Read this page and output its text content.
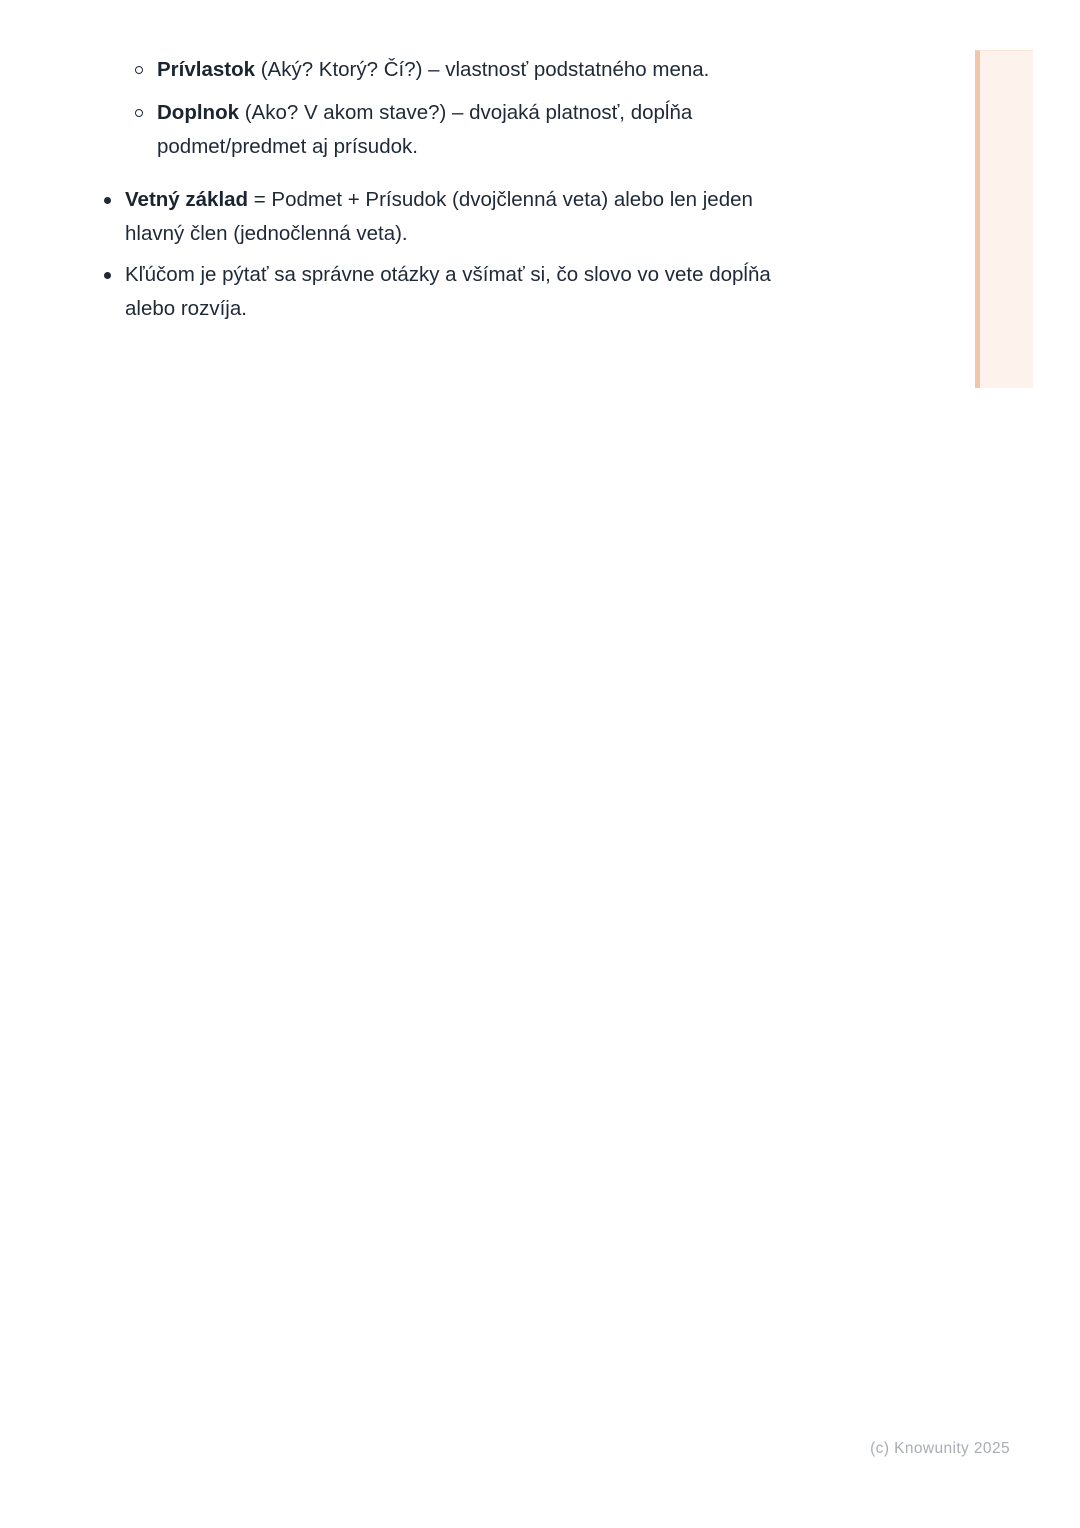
Prívlastok (Aký? Ktorý? Čí?) – vlastnosť podstatného mena.

Doplnok (Ako? V akom stave?) – dvojaká platnosť, dopĺňa podmet/predmet aj prísudok.

Vetný základ = Podmet + Prísudok (dvojčlenná veta) alebo len jeden hlavný člen (jednočlenná veta).

Kľúčom je pýtať sa správne otázky a všímať si, čo slovo vo vete dopĺňa alebo rozvíja.

(c) Knowunity 2025
